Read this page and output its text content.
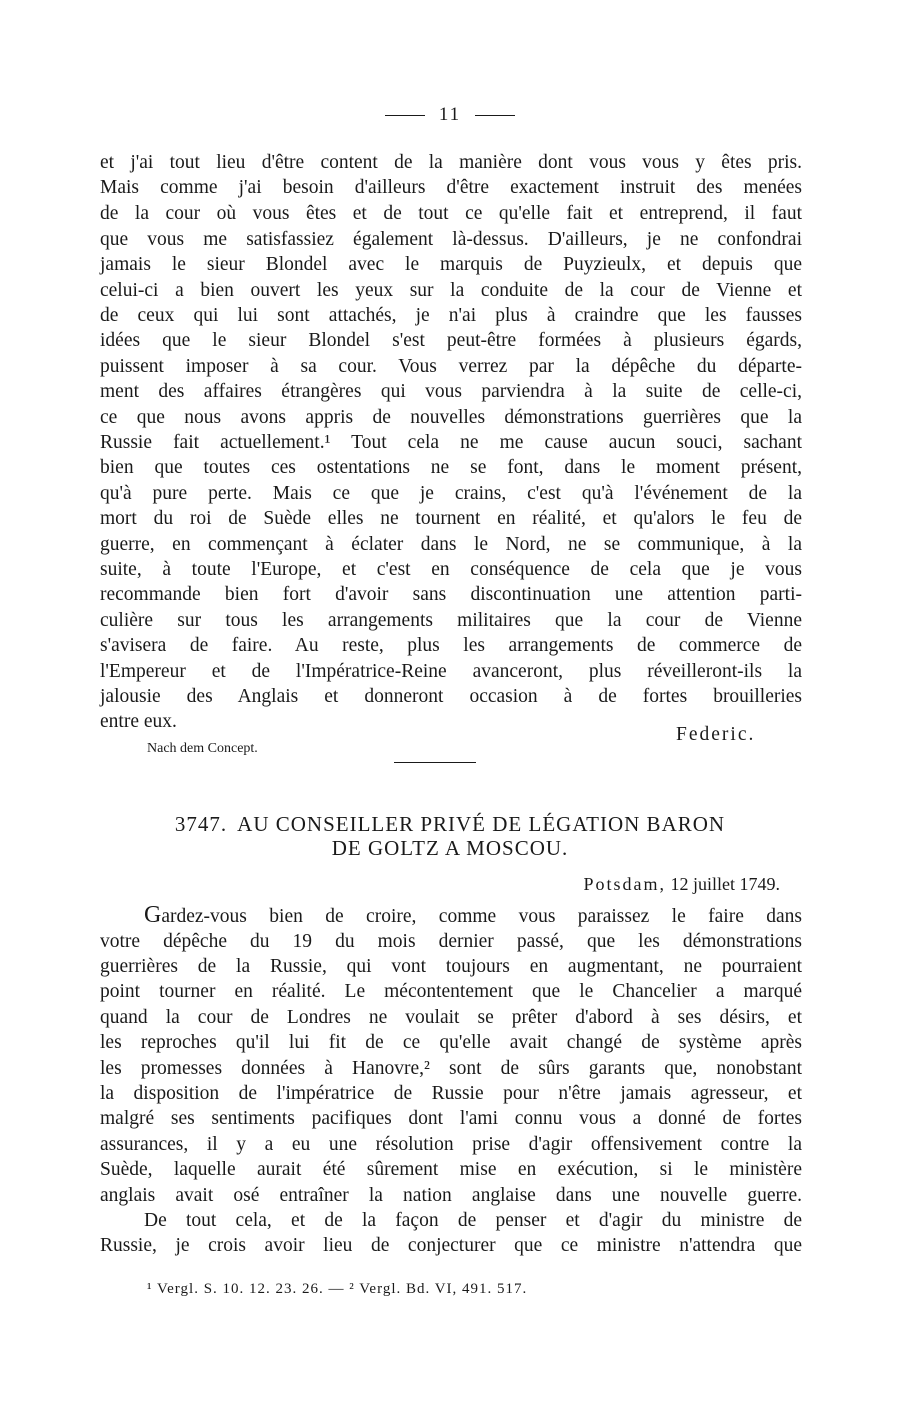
11
et j'ai tout lieu d'être content de la manière dont vous vous y êtes pris.
Mais comme j'ai besoin d'ailleurs d'être exactement instruit des menées
de la cour où vous êtes et de tout ce qu'elle fait et entreprend, il faut
que vous me satisfassiez également là-dessus. D'ailleurs, je ne confondrai
jamais le sieur Blondel avec le marquis de Puyzieulx, et depuis que
celui-ci a bien ouvert les yeux sur la conduite de la cour de Vienne et
de ceux qui lui sont attachés, je n'ai plus à craindre que les fausses
idées que le sieur Blondel s'est peut-être formées à plusieurs égards,
puissent imposer à sa cour. Vous verrez par la dépêche du départe-
ment des affaires étrangères qui vous parviendra à la suite de celle-ci,
ce que nous avons appris de nouvelles démonstrations guerrières que la
Russie fait actuellement.¹ Tout cela ne me cause aucun souci, sachant
bien que toutes ces ostentations ne se font, dans le moment présent,
qu'à pure perte. Mais ce que je crains, c'est qu'à l'événement de la
mort du roi de Suède elles ne tournent en réalité, et qu'alors le feu de
guerre, en commençant à éclater dans le Nord, ne se communique, à la
suite, à toute l'Europe, et c'est en conséquence de cela que je vous
recommande bien fort d'avoir sans discontinuation une attention parti-
culière sur tous les arrangements militaires que la cour de Vienne
s'avisera de faire. Au reste, plus les arrangements de commerce de
l'Empereur et de l'Impératrice-Reine avanceront, plus réveilleront-ils la
jalousie des Anglais et donneront occasion à de fortes brouilleries
entre eux.
Federic.
Nach dem Concept.
3747. AU CONSEILLER PRIVÉ DE LÉGATION BARON
DE GOLTZ A MOSCOU.
Potsdam, 12 juillet 1749.
Gardez-vous bien de croire, comme vous paraissez le faire dans
votre dépêche du 19 du mois dernier passé, que les démonstrations
guerrières de la Russie, qui vont toujours en augmentant, ne pourraient
point tourner en réalité. Le mécontentement que le Chancelier a marqué
quand la cour de Londres ne voulait se prêter d'abord à ses désirs, et
les reproches qu'il lui fit de ce qu'elle avait changé de système après
les promesses données à Hanovre,² sont de sûrs garants que, nonobstant
la disposition de l'impératrice de Russie pour n'être jamais agresseur, et
malgré ses sentiments pacifiques dont l'ami connu vous a donné de fortes
assurances, il y a eu une résolution prise d'agir offensivement contre la
Suède, laquelle aurait été sûrement mise en exécution, si le ministère
anglais avait osé entraîner la nation anglaise dans une nouvelle guerre.
De tout cela, et de la façon de penser et d'agir du ministre de
Russie, je crois avoir lieu de conjecturer que ce ministre n'attendra que
¹ Vergl. S. 10. 12. 23. 26. — ² Vergl. Bd. VI, 491. 517.
